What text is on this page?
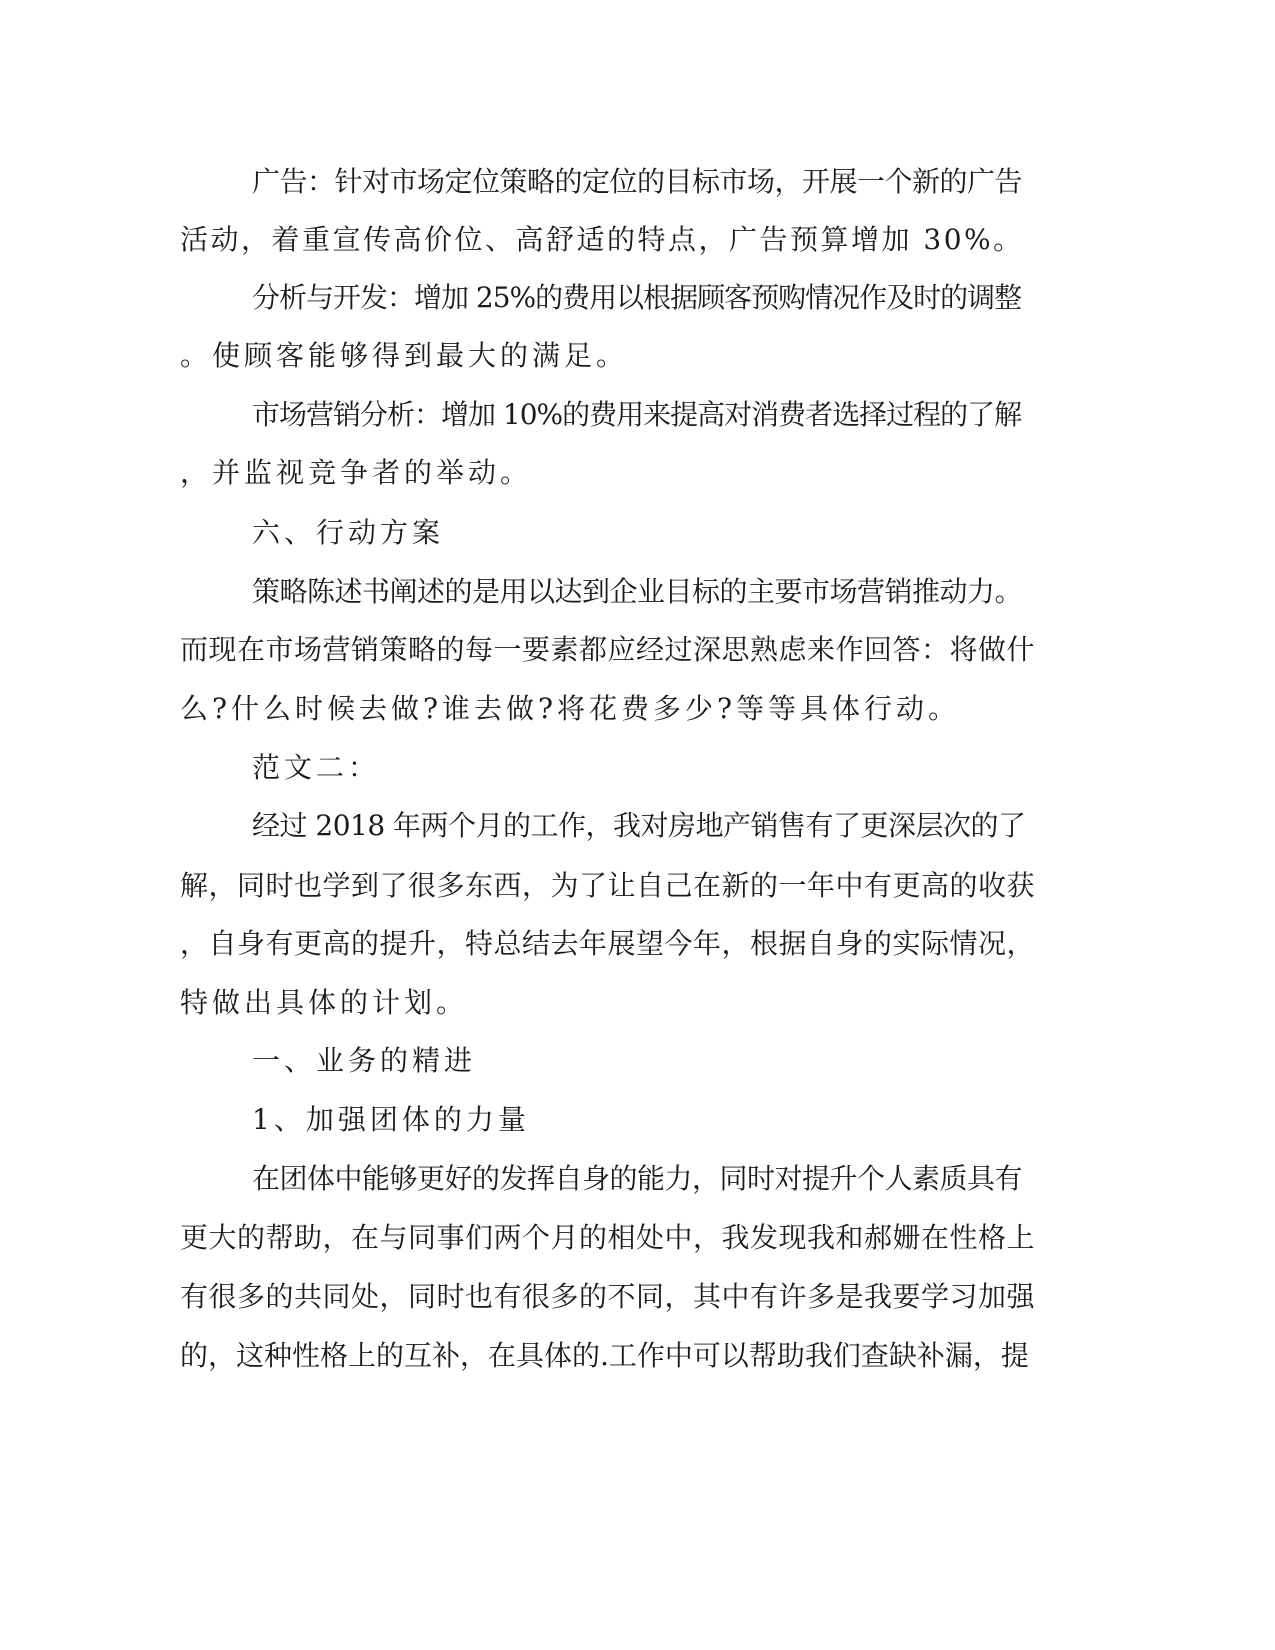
广告：针对市场定位策略的定位的目标市场，开展一个新的广告
活动，着重宣传高价位、高舒适的特点，广告预算增加 30%。
分析与开发：增加 25%的费用以根据顾客预购情况作及时的调整
。使顾客能够得到最大的满足。
市场营销分析：增加 10%的费用来提高对消费者选择过程的了解
，并监视竞争者的举动。
六、行动方案
策略陈述书阐述的是用以达到企业目标的主要市场营销推动力。
而现在市场营销策略的每一要素都应经过深思熟虑来作回答：将做什
么?什么时候去做?谁去做?将花费多少?等等具体行动。
范文二：
经过 2018 年两个月的工作，我对房地产销售有了更深层次的了
解，同时也学到了很多东西，为了让自己在新的一年中有更高的收获
，自身有更高的提升，特总结去年展望今年，根据自身的实际情况，
特做出具体的计划。
一、业务的精进
1、加强团体的力量
在团体中能够更好的发挥自身的能力，同时对提升个人素质具有
更大的帮助，在与同事们两个月的相处中，我发现我和郝姗在性格上
有很多的共同处，同时也有很多的不同，其中有许多是我要学习加强
的，这种性格上的互补，在具体的.工作中可以帮助我们查缺补漏，提
